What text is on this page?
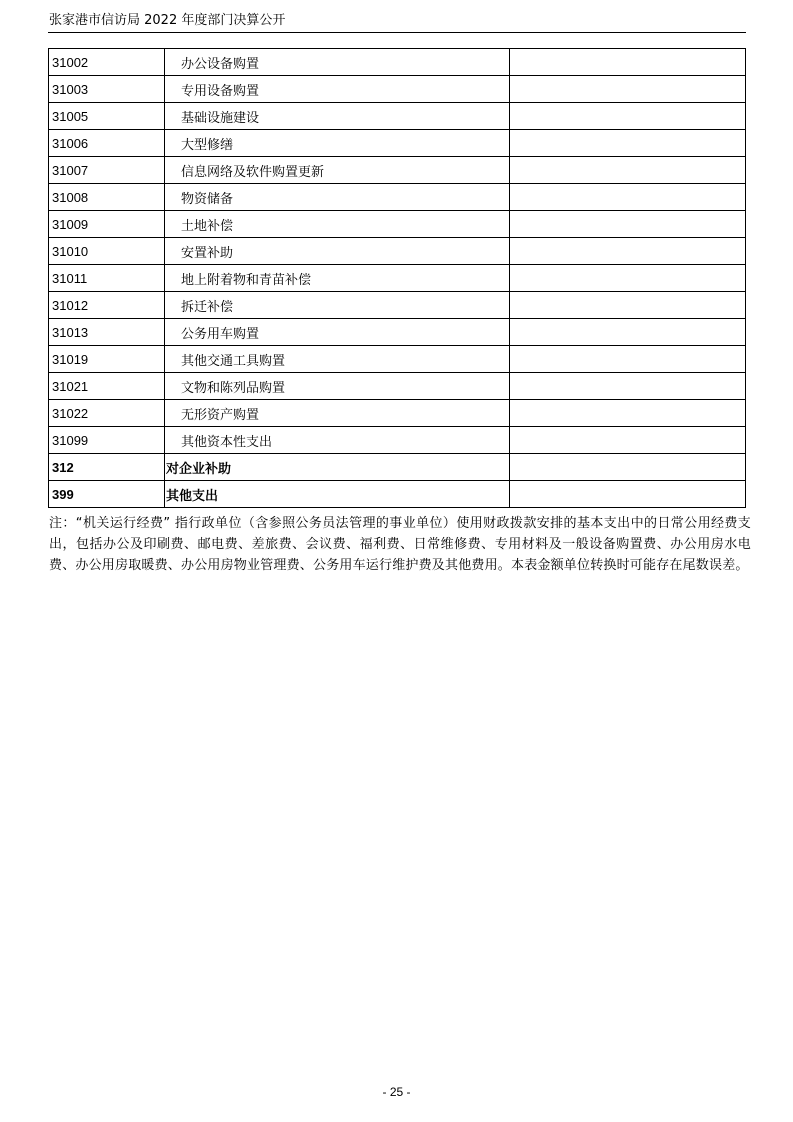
张家港市信访局 2022 年度部门决算公开
31002	办公设备购置	
31003	专用设备购置	
31005	基础设施建设	
31006	大型修缮	
31007	信息网络及软件购置更新	
31008	物资储备	
31009	土地补偿	
31010	安置补助	
31011	地上附着物和青苗补偿	
31012	拆迁补偿	
31013	公务用车购置	
31019	其他交通工具购置	
31021	文物和陈列品购置	
31022	无形资产购置	
31099	其他资本性支出	
312	对企业补助	
399	其他支出	
注：“机关运行经费” 指行政单位（含参照公务员法管理的事业单位）使用财政拨款安排的基本支出中的日常公用经费支出，包括办公及印刷费、邮电费、差旅费、会议费、福利费、日常维修费、专用材料及一般设备购置费、办公用房水电费、办公用房取暖费、办公用房物业管理费、公务用车运行维护费及其他费用。本表金额单位转换时可能存在尾数误差。
- 25 -
